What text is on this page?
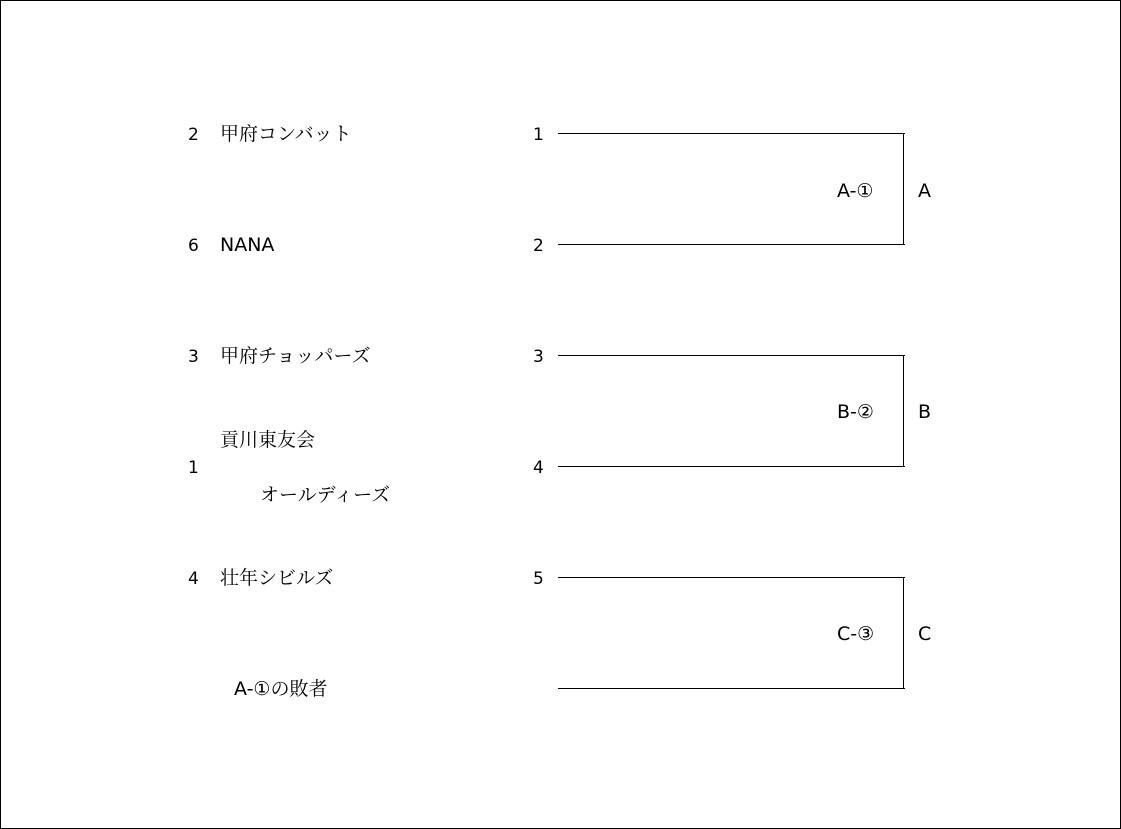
2 甲府コンバット
6 NANA
3 甲府チョッパーズ
貢川東友会
1
オールディーズ
4 壮年シビルズ
A-①の敗者
1
2
3
4
5
A-① A
B-② B
C-③ C
